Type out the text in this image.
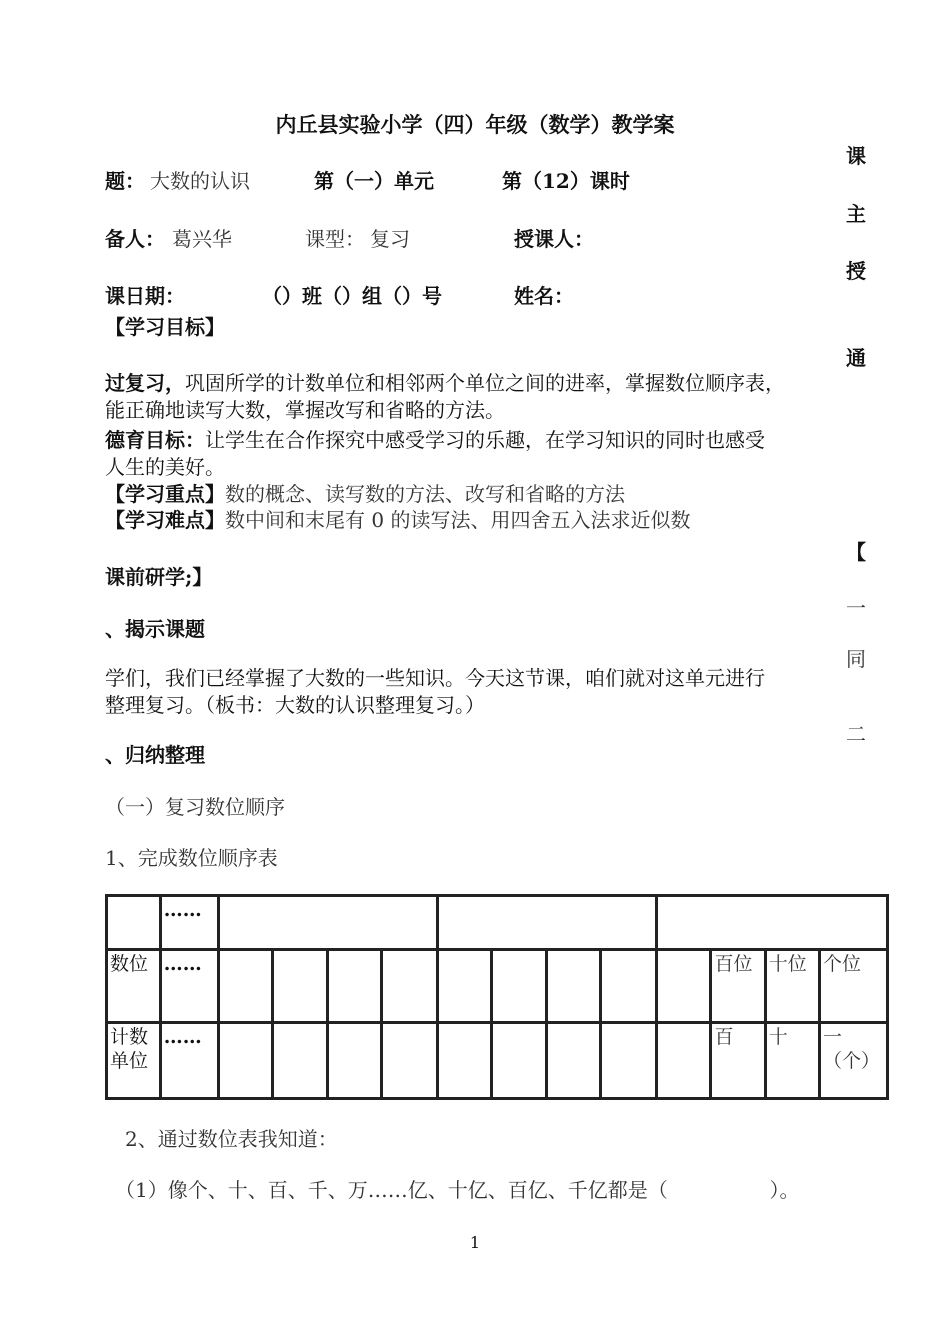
内丘县实验小学（四）年级（数学）教学案
课
主
授
通
【
一
同
二
题： 大数的认识	第（一）单元	第（12）课时
备人： 葛兴华	课型： 复习	授课人：
课日期：	（）班（）组（）号	姓名：
【学习目标】
过复习，巩固所学的计数单位和相邻两个单位之间的进率，掌握数位顺序表，
能正确地读写大数，掌握改写和省略的方法。
德育目标：让学生在合作探究中感受学习的乐趣，在学习知识的同时也感受
人生的美好。
【学习重点】数的概念、读写数的方法、改写和省略的方法
【学习难点】数中间和末尾有 0 的读写法、用四舍五入法求近似数
课前研学;】
、揭示课题
学们，我们已经掌握了大数的一些知识。今天这节课，咱们就对这单元进行
整理复习。（板书：大数的认识整理复习。）
、归纳整理
（一）复习数位顺序
1、完成数位顺序表

	……												

数位	……										百位	十位	个位

计数单位	……										百	十	一（个）
2、通过数位表我知道：
（1）像个、十、百、千、万……亿、十亿、百亿、千亿都是（                ）。
1
